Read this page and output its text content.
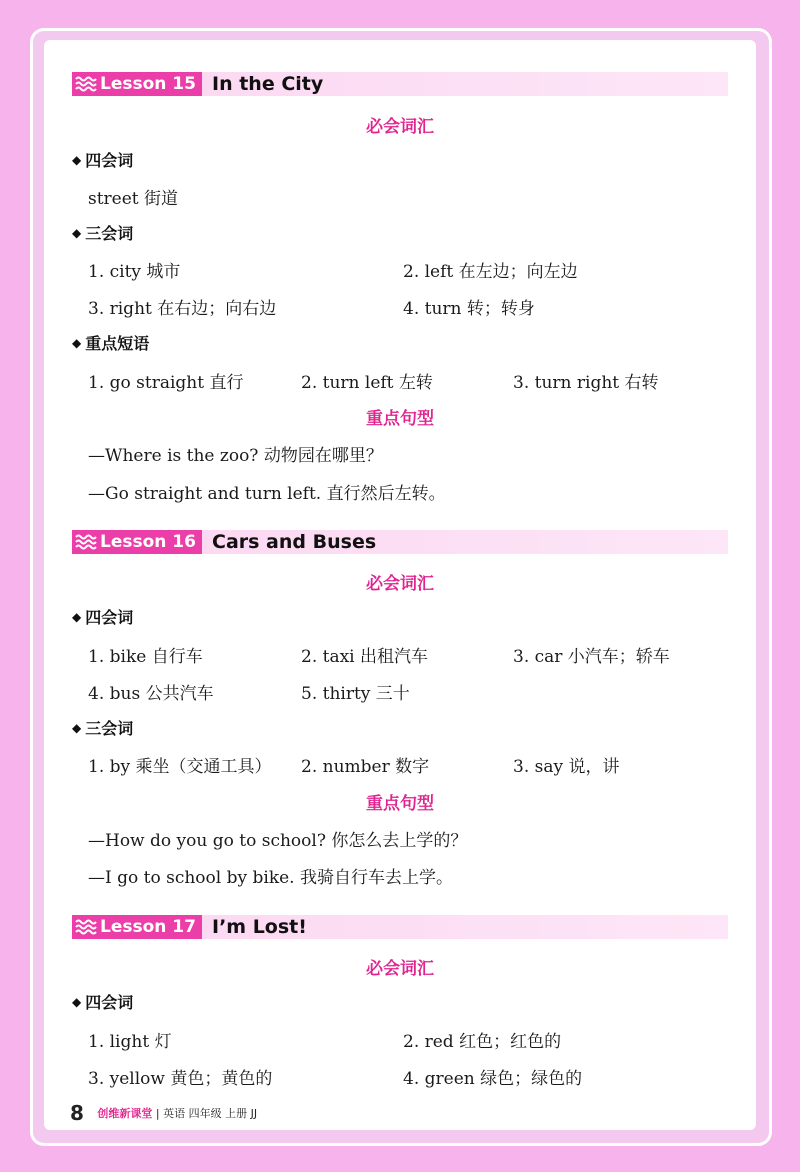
Lesson 15 In the City
必会词汇
◆ 四会词
street 街道
◆ 三会词
1. city 城市	2. left 在左边；向左边
3. right 在右边；向右边	4. turn 转；转身
◆ 重点短语
1. go straight 直行	2. turn left 左转	3. turn right 右转
重点句型
—Where is the zoo? 动物园在哪里？
—Go straight and turn left. 直行然后左转。
Lesson 16 Cars and Buses
必会词汇
◆ 四会词
1. bike 自行车	2. taxi 出租汽车	3. car 小汽车；轿车
4. bus 公共汽车	5. thirty 三十
◆ 三会词
1. by 乘坐（交通工具） 2. number 数字	3. say 说，讲
重点句型
—How do you go to school? 你怎么去上学的？
—I go to school by bike. 我骑自行车去上学。
Lesson 17 I’m Lost!
必会词汇
◆ 四会词
1. light 灯	2. red 红色；红色的
3. yellow 黄色；黄色的	4. green 绿色；绿色的
8 创维新课堂 | 英语 四年级 上册 JJ
